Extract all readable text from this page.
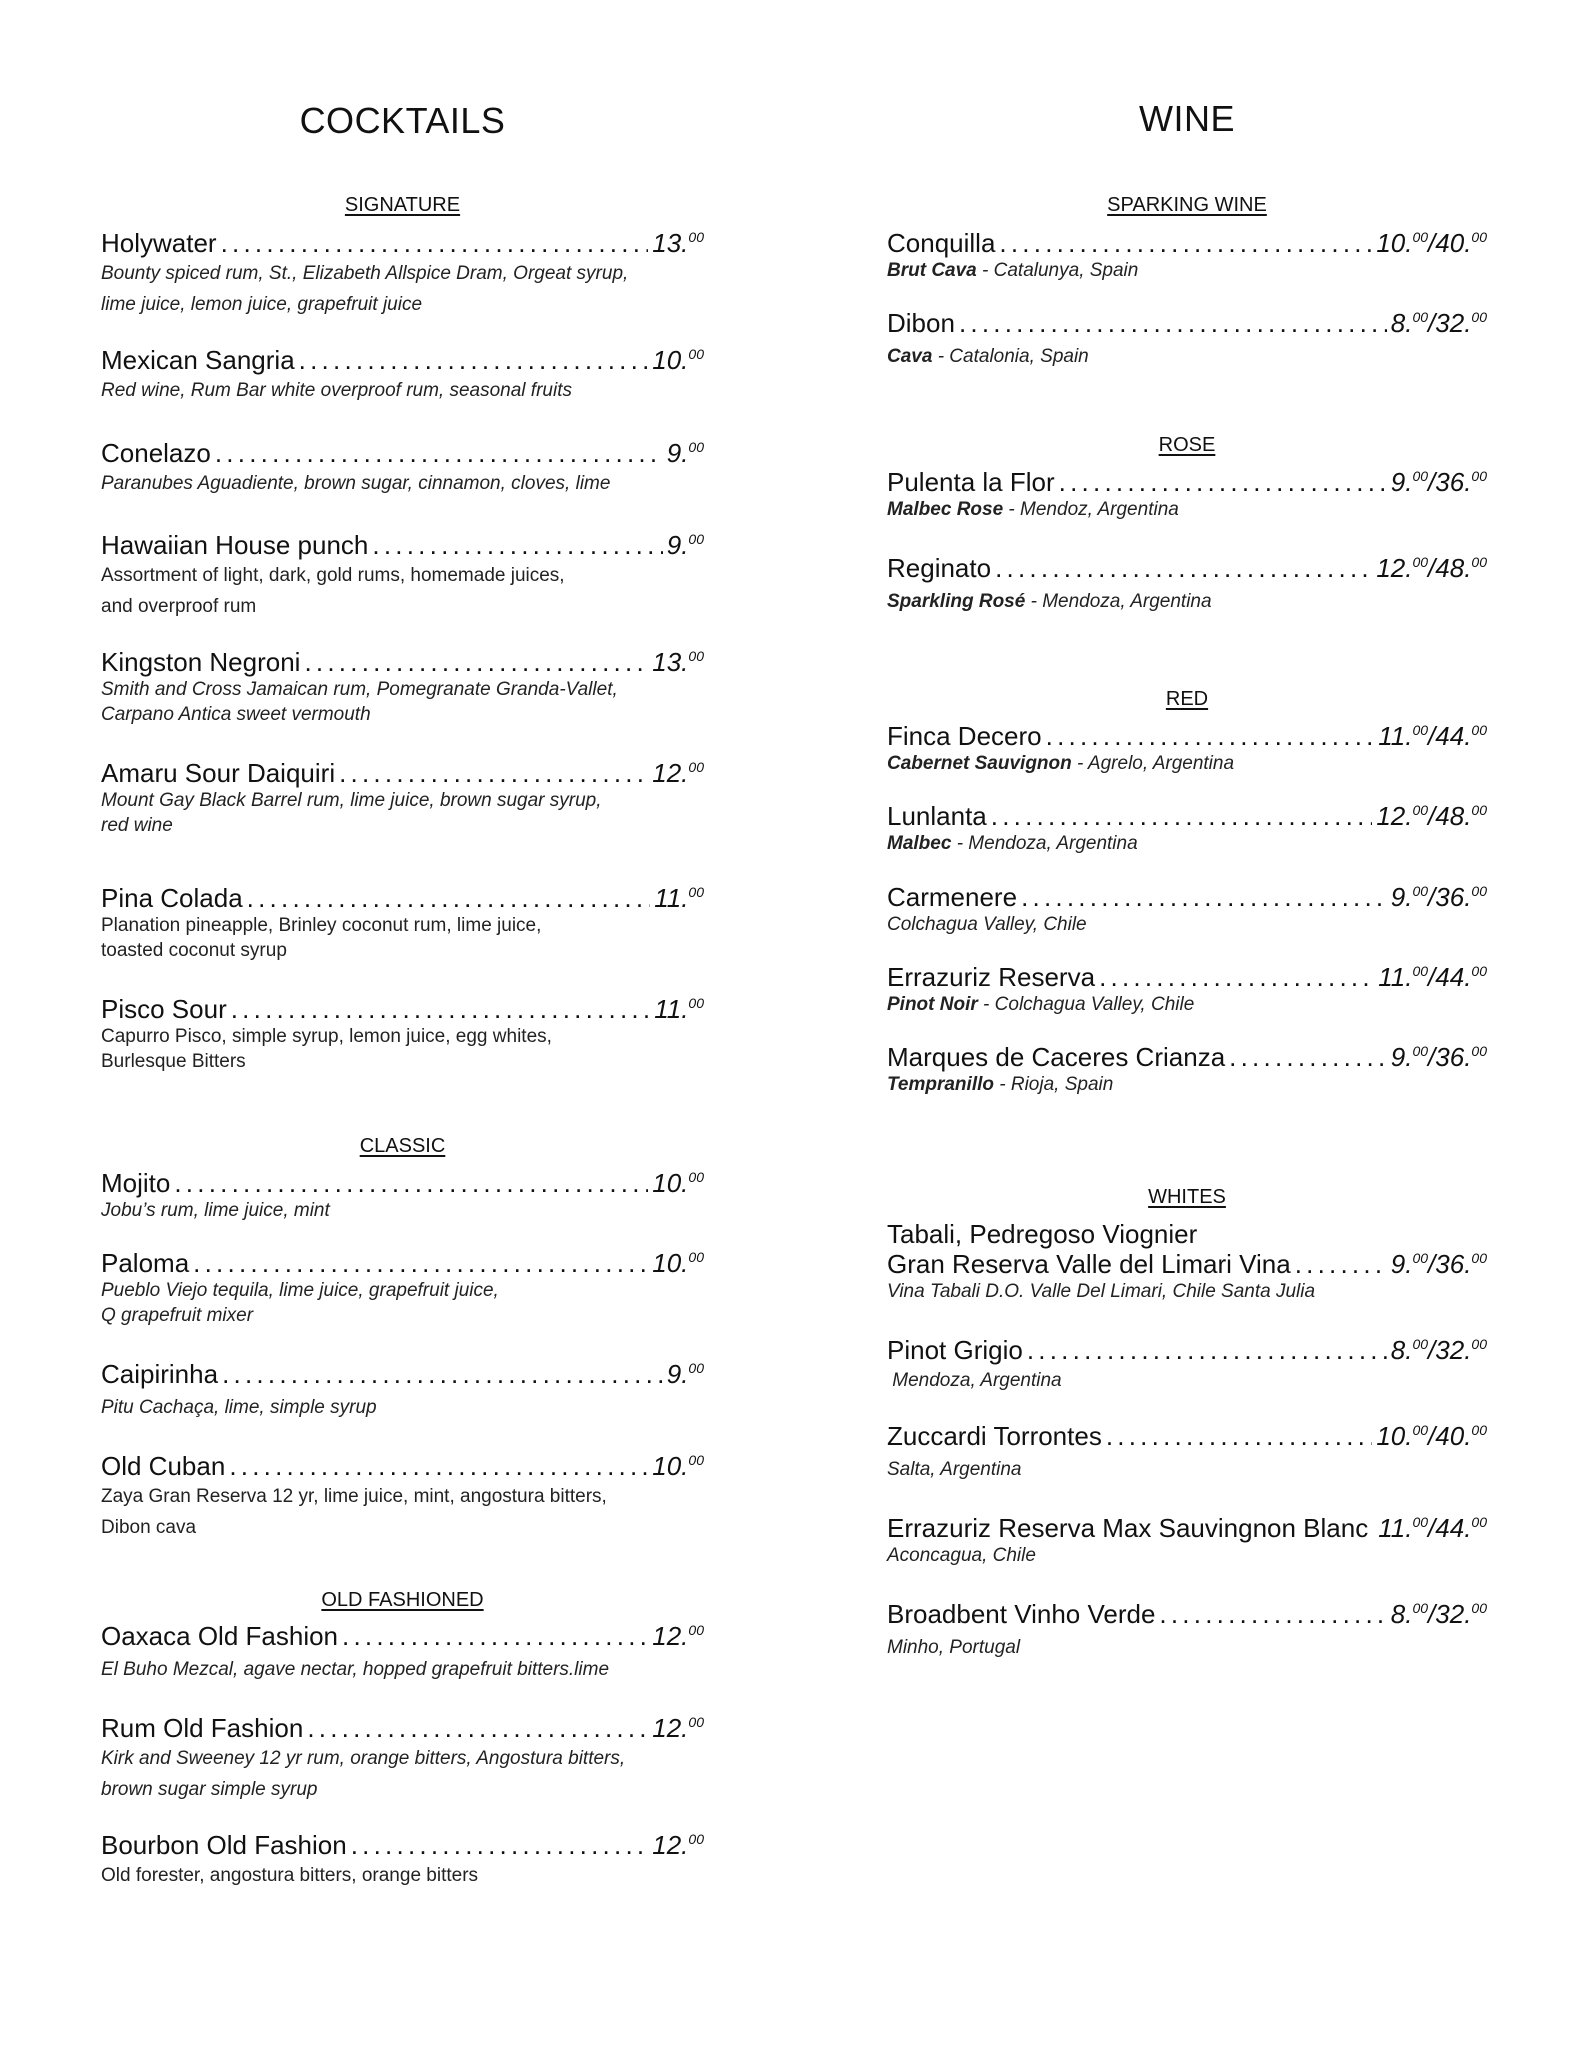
COCKTAILS
SIGNATURE
Holywater . . .	13.00
Bounty spiced rum, St., Elizabeth Allspice Dram, Orgeat syrup,
lime juice, lemon juice, grapefruit juice
Mexican Sangria . . .	10.00
Red wine, Rum Bar white overproof rum, seasonal fruits
Conelazo . . .	9.00
Paranubes Aguadiente, brown sugar, cinnamon, cloves, lime
Hawaiian House punch . . .	9.00
Assortment of light, dark, gold rums, homemade juices,
and overproof rum
Kingston Negroni . . .	13.00
Smith and Cross Jamaican rum, Pomegranate Granda-Vallet,
Carpano Antica sweet vermouth
Amaru Sour Daiquiri . . .	12.00
Mount Gay Black Barrel rum, lime juice, brown sugar syrup,
red wine
Pina Colada . . .	11.00
Planation pineapple, Brinley coconut rum, lime juice,
toasted coconut syrup
Pisco Sour . . .	11.00
Capurro Pisco, simple syrup, lemon juice, egg whites,
Burlesque Bitters
CLASSIC
Mojito . . .	10.00
Jobu’s rum, lime juice, mint
Paloma . . .	10.00
Pueblo Viejo tequila, lime juice, grapefruit juice,
Q grapefruit mixer
Caipirinha . . .	9.00
Pitu Cachaça, lime, simple syrup
Old Cuban . . .	10.00
Zaya Gran Reserva 12 yr, lime juice, mint, angostura bitters,
Dibon cava
OLD FASHIONED
Oaxaca Old Fashion . . .	12.00
El Buho Mezcal, agave nectar, hopped grapefruit bitters.lime
Rum Old Fashion . . .	12.00
Kirk and Sweeney 12 yr rum, orange bitters, Angostura bitters,
brown sugar simple syrup
Bourbon Old Fashion . . .	12.00
Old forester, angostura bitters, orange bitters
WINE
SPARKING WINE
Conquilla . . .	10.00/40.00
Brut Cava - Catalunya, Spain
Dibon . . .	8.00/32.00
Cava - Catalonia, Spain
ROSE
Pulenta la Flor . . .	9.00/36.00
Malbec Rose - Mendoz, Argentina
Reginato . . .	12.00/48.00
Sparkling Rosé - Mendoza, Argentina
RED
Finca Decero . . .	11.00/44.00
Cabernet Sauvignon - Agrelo, Argentina
Lunlanta . . .	12.00/48.00
Malbec - Mendoza, Argentina
Carmenere . . .	9.00/36.00
Colchagua Valley, Chile
Errazuriz Reserva . . .	11.00/44.00
Pinot Noir - Colchagua Valley, Chile
Marques de Caceres Crianza . . .	9.00/36.00
Tempranillo - Rioja, Spain
WHITES
Tabali, Pedregoso Viognier
Gran Reserva Valle del Limari Vina . . .	9.00/36.00
Vina Tabali D.O. Valle Del Limari, Chile Santa Julia
Pinot Grigio . . .	8.00/32.00
Mendoza, Argentina
Zuccardi Torrontes . . .	10.00/40.00
Salta, Argentina
Errazuriz Reserva Max Sauvingnon Blanc . . . 11.00/44.00
Aconcagua, Chile
Broadbent Vinho Verde . . .	8.00/32.00
Minho, Portugal
